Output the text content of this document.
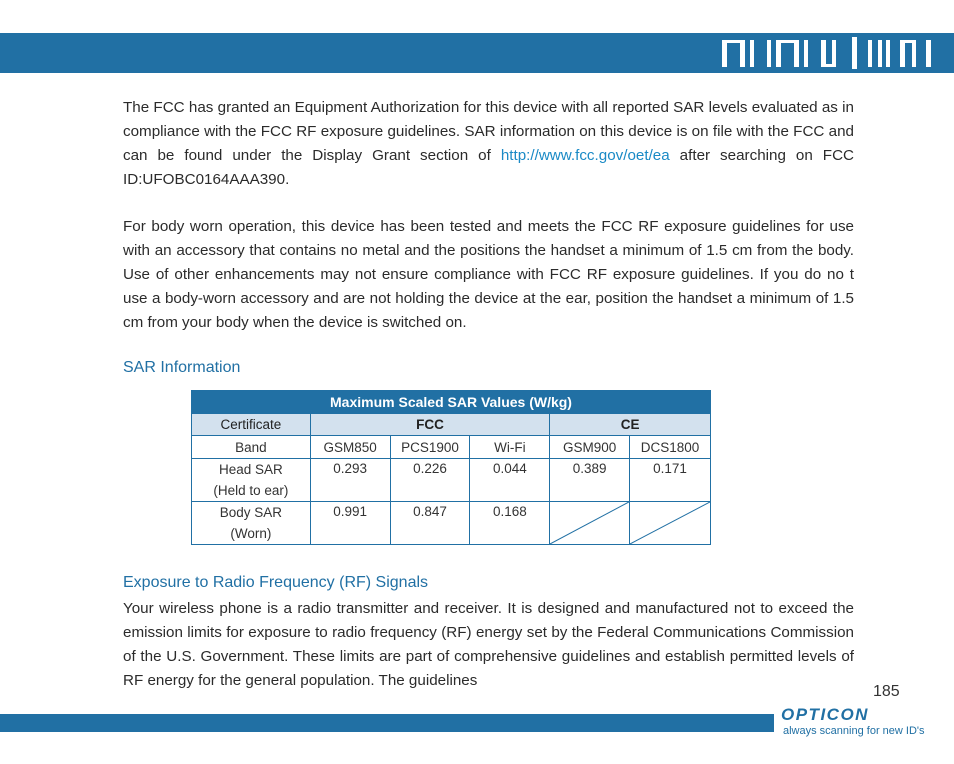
The FCC has granted an Equipment Authorization for this device with all reported SAR levels evaluated as in compliance with the FCC RF exposure guidelines. SAR information on this device is on file with the FCC and can be found under the Display Grant section of http://www.fcc.gov/oet/ea after searching on FCC ID:UFOBC0164AAA390.

For body worn operation, this device has been tested and meets the FCC RF exposure guidelines for use with an accessory that contains no metal and the positions the handset a minimum of 1.5 cm from the body. Use of other enhancements may not ensure compliance with FCC RF exposure guidelines. If you do no t use a body-worn accessory and are not holding the device at the ear, position the handset a minimum of 1.5 cm from your body when the device is switched on.

SAR Information
Maximum Scaled SAR Values (W/kg)					
Certificate	FCC			CE	
Band	GSM850	PCS1900	Wi-Fi	GSM900	DCS1800
Head SAR
(Held to ear)	0.293	0.226	0.044	0.389	0.171
Body SAR
(Worn)	0.991	0.847	0.168	

Exposure to Radio Frequency (RF) Signals

Your wireless phone is a radio transmitter and receiver. It is designed and manufactured not to exceed the emission limits for exposure to radio frequency (RF) energy set by the Federal Communications Commission of the U.S. Government. These limits are part of comprehensive guidelines and establish permitted levels of RF energy for the general population. The guidelines

185
OPTICON
always scanning for new ID's
